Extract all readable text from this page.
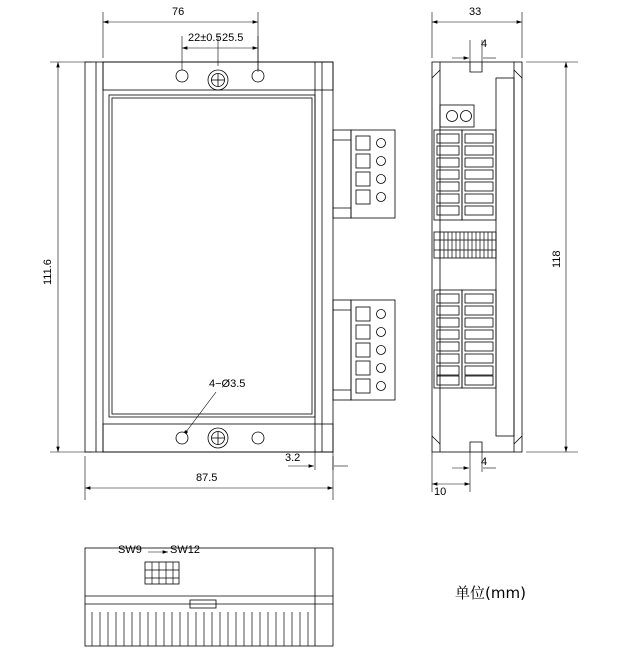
76
22±0.5 25.5
111.6
87.5
3.2
4−Ø3.5
33
4
118
4
10
SW9	SW12
单位(mm)
